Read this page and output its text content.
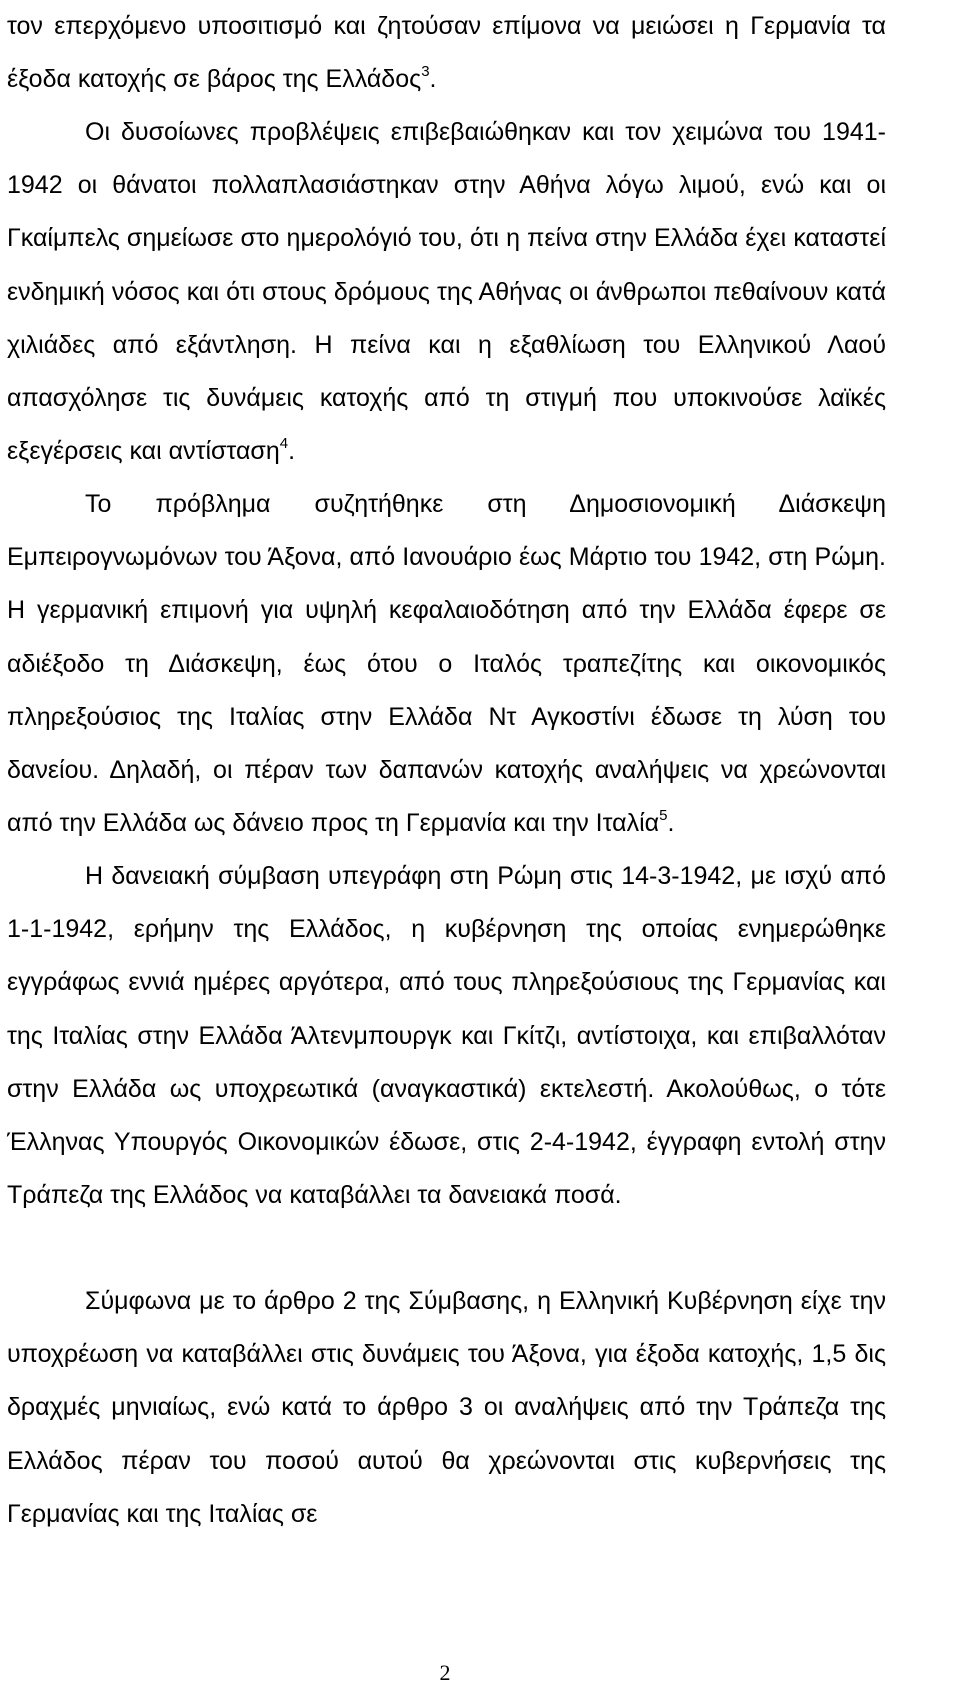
τον επερχόμενο υποσιτισμό και ζητούσαν επίμονα να μειώσει η Γερμανία τα έξοδα κατοχής σε βάρος της Ελλάδος$^3$.

Οι δυσοίωνες προβλέψεις επιβεβαιώθηκαν και τον χειμώνα του 1941-1942 οι θάνατοι πολλαπλασιάστηκαν στην Αθήνα λόγω λιμού, ενώ και οι Γκαίμπελς σημείωσε στο ημερολόγιό του, ότι η πείνα στην Ελλάδα έχει καταστεί ενδημική νόσος και ότι στους δρόμους της Αθήνας οι άνθρωποι πεθαίνουν κατά χιλιάδες από εξάντληση. Η πείνα και η εξαθλίωση του Ελληνικού Λαού απασχόλησε τις δυνάμεις κατοχής από τη στιγμή που υποκινούσε λαϊκές εξεγέρσεις και αντίσταση$^4$.

Το πρόβλημα συζητήθηκε στη Δημοσιονομική Διάσκεψη Εμπειρογνωμόνων του Άξονα, από Ιανουάριο έως Μάρτιο του 1942, στη Ρώμη. Η γερμανική επιμονή για υψηλή κεφαλαιοδότηση από την Ελλάδα έφερε σε αδιέξοδο τη Διάσκεψη, έως ότου ο Ιταλός τραπεζίτης και οικονομικός πληρεξούσιος της Ιταλίας στην Ελλάδα Ντ Αγκοστίνι έδωσε τη λύση του δανείου. Δηλαδή, οι πέραν των δαπανών κατοχής αναλήψεις να χρεώνονται από την Ελλάδα ως δάνειο προς τη Γερμανία και την Ιταλία$^5$.

Η δανειακή σύμβαση υπεγράφη στη Ρώμη στις 14-3-1942, με ισχύ από 1-1-1942, ερήμην της Ελλάδος, η κυβέρνηση της οποίας ενημερώθηκε εγγράφως εννιά ημέρες αργότερα, από τους πληρεξούσιους της Γερμανίας και της Ιταλίας στην Ελλάδα Άλτενμπουργκ και Γκίτζι, αντίστοιχα, και επιβαλλόταν στην Ελλάδα ως υποχρεωτικά (αναγκαστικά) εκτελεστή. Ακολούθως, ο τότε Έλληνας Υπουργός Οικονομικών έδωσε, στις 2-4-1942, έγγραφη εντολή στην Τράπεζα της Ελλάδος να καταβάλλει τα δανειακά ποσά.

Σύμφωνα με το άρθρο 2 της Σύμβασης, η Ελληνική Κυβέρνηση είχε την υποχρέωση να καταβάλλει στις δυνάμεις του Άξονα, για έξοδα κατοχής, 1,5 δις δραχμές μηνιαίως, ενώ κατά το άρθρο 3 οι αναλήψεις από την Τράπεζα της Ελλάδος πέραν του ποσού αυτού θα χρεώνονται στις κυβερνήσεις της Γερμανίας και της Ιταλίας σε

2
